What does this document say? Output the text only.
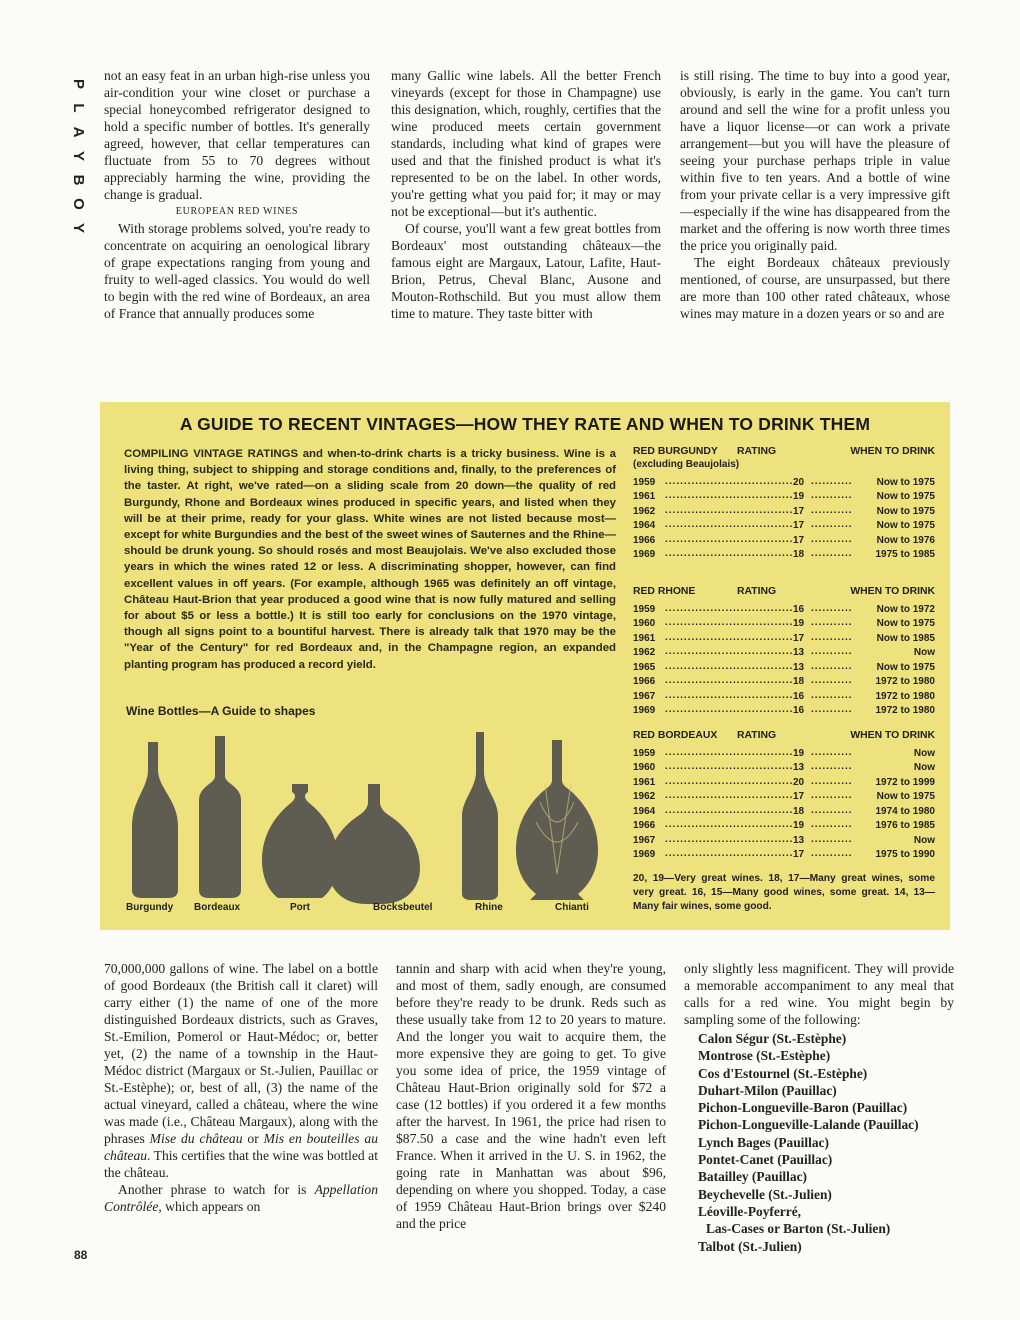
P
L
A
Y
B
O
Y

not an easy feat in an urban high-rise unless you air-condition your wine closet or purchase a special honeycombed refrigerator designed to hold a specific number of bottles. It's generally agreed, however, that cellar temperatures can fluctuate from 55 to 70 degrees without appreciably harming the wine, providing the change is gradual.

EUROPEAN RED WINES

With storage problems solved, you're ready to concentrate on acquiring an oenological library of grape expectations ranging from young and fruity to well-aged classics. You would do well to begin with the red wine of Bordeaux, an area of France that annually produces some

many Gallic wine labels. All the better French vineyards (except for those in Champagne) use this designation, which, roughly, certifies that the wine produced meets certain government standards, including what kind of grapes were used and that the finished product is what it's represented to be on the label. In other words, you're getting what you paid for; it may or may not be exceptional—but it's authentic.

Of course, you'll want a few great bottles from Bordeaux' most outstanding châteaux—the famous eight are Margaux, Latour, Lafite, Haut-Brion, Petrus, Cheval Blanc, Ausone and Mouton-Rothschild. But you must allow them time to mature. They taste bitter with

is still rising. The time to buy into a good year, obviously, is early in the game. You can't turn around and sell the wine for a profit unless you have a liquor license—or can work a private arrangement—but you will have the pleasure of seeing your purchase perhaps triple in value within five to ten years. And a bottle of wine from your private cellar is a very impressive gift—especially if the wine has disappeared from the market and the offering is now worth three times the price you originally paid.

The eight Bordeaux châteaux previously mentioned, of course, are unsurpassed, but there are more than 100 other rated châteaux, whose wines may mature in a dozen years or so and are

A GUIDE TO RECENT VINTAGES—HOW THEY RATE AND WHEN TO DRINK THEM
COMPILING VINTAGE RATINGS and when-to-drink charts is a tricky business. Wine is a living thing, subject to shipping and storage conditions and, finally, to the preferences of the taster. At right, we've rated—on a sliding scale from 20 down—the quality of red Burgundy, Rhone and Bordeaux wines produced in specific years, and listed when they will be at their prime, ready for your glass. White wines are not listed because most—except for white Burgundies and the best of the sweet wines of Sauternes and the Rhine—should be drunk young. So should rosés and most Beaujolais. We've also excluded those years in which the wines rated 12 or less. A discriminating shopper, however, can find excellent values in off years. (For example, although 1965 was definitely an off vintage, Château Haut-Brion that year produced a good wine that is now fully matured and selling for about $5 or less a bottle.) It is still too early for conclusions on the 1970 vintage, though all signs point to a bountiful harvest. There is already talk that 1970 may be the "Year of the Century" for red Bordeaux and, in the Champagne region, an expanded planting program has produced a record yield.
Wine Bottles—A Guide to shapes
Burgundy Bordeaux	Port	Bocksbeutel	Rhine	Chianti
RED BURGUNDY RATING	WHEN TO DRINK
(excluding Beaujolais)
1959 .....	20 .....	Now to 1975
1961 .....	19 .....	Now to 1975
1962 .....	17 .....	Now to 1975
1964 .....	17 .....	Now to 1975
1966 .....	17 .....	Now to 1976
1969 .....	18 .....	1975 to 1985
RED RHONE	RATING	WHEN TO DRINK
1959 .....	16 .....	Now to 1972
1960 .....	19 .....	Now to 1975
1961 .....	17 .....	Now to 1985
1962 .....	13 .....	Now
1965 .....	13 .....	Now to 1975
1966 .....	18 .....	1972 to 1980
1967 .....	16 .....	1972 to 1980
1969 .....	16 .....	1972 to 1980
RED BORDEAUX RATING	WHEN TO DRINK
1959 .....	19 .....	Now
1960 .....	13 .....	Now
1961 .....	20 .....	1972 to 1999
1962 .....	17 .....	Now to 1975
1964 .....	18 .....	1974 to 1980
1966 .....	19 .....	1976 to 1985
1967 .....	13 .....	Now
1969 .....	17 .....	1975 to 1990
20, 19—Very great wines. 18, 17—Many great wines, some very great. 16, 15—Many good wines, some great. 14, 13—Many fair wines, some good.

70,000,000 gallons of wine. The label on a bottle of good Bordeaux (the British call it claret) will carry either (1) the name of one of the more distinguished Bordeaux districts, such as Graves, St.-Emilion, Pomerol or Haut-Médoc; or, better yet, (2) the name of a township in the Haut-Médoc district (Margaux or St.-Julien, Pauillac or St.-Estèphe); or, best of all, (3) the name of the actual vineyard, called a château, where the wine was made (i.e., Château Margaux), along with the phrases Mise du château or Mis en bouteilles au château. This certifies that the wine was bottled at the château.

Another phrase to watch for is Appellation Contrôlée, which appears on

tannin and sharp with acid when they're young, and most of them, sadly enough, are consumed before they're ready to be drunk. Reds such as these usually take from 12 to 20 years to mature. And the longer you wait to acquire them, the more expensive they are going to get. To give you some idea of price, the 1959 vintage of Château Haut-Brion originally sold for $72 a case (12 bottles) if you ordered it a few months after the harvest. In 1961, the price had risen to $87.50 a case and the wine hadn't even left France. When it arrived in the U. S. in 1962, the going rate in Manhattan was about $96, depending on where you shopped. Today, a case of 1959 Château Haut-Brion brings over $240 and the price

only slightly less magnificent. They will provide a memorable accompaniment to any meal that calls for a red wine. You might begin by sampling some of the following:

Calon Ségur (St.-Estèphe)
Montrose (St.-Estèphe)
Cos d'Estournel (St.-Estèphe)
Duhart-Milon (Pauillac)
Pichon-Longueville-Baron (Pauillac)
Pichon-Longueville-Lalande (Pauillac)
Lynch Bages (Pauillac)
Pontet-Canet (Pauillac)
Batailley (Pauillac)
Beychevelle (St.-Julien)
Léoville-Poyferré,
Las-Cases or Barton (St.-Julien)
Talbot (St.-Julien)
88
